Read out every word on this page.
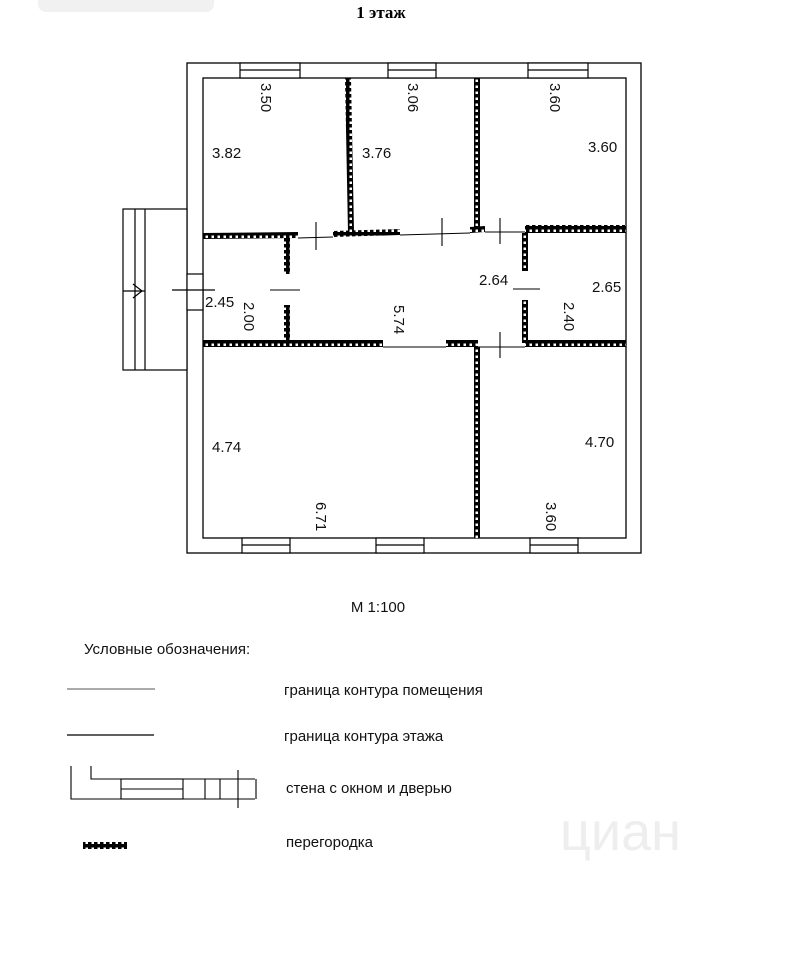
1 этаж
3.50	3.06	3.60
3.82	3.76	3.60
2.45 2.00	5.74
2.64	2.65
2.40
6.71
4.74
3.60
4.70
М 1:100
Условные обозначения:
циан
граница контура помещения
граница контура этажа
стена с окном и дверью
перегородка
